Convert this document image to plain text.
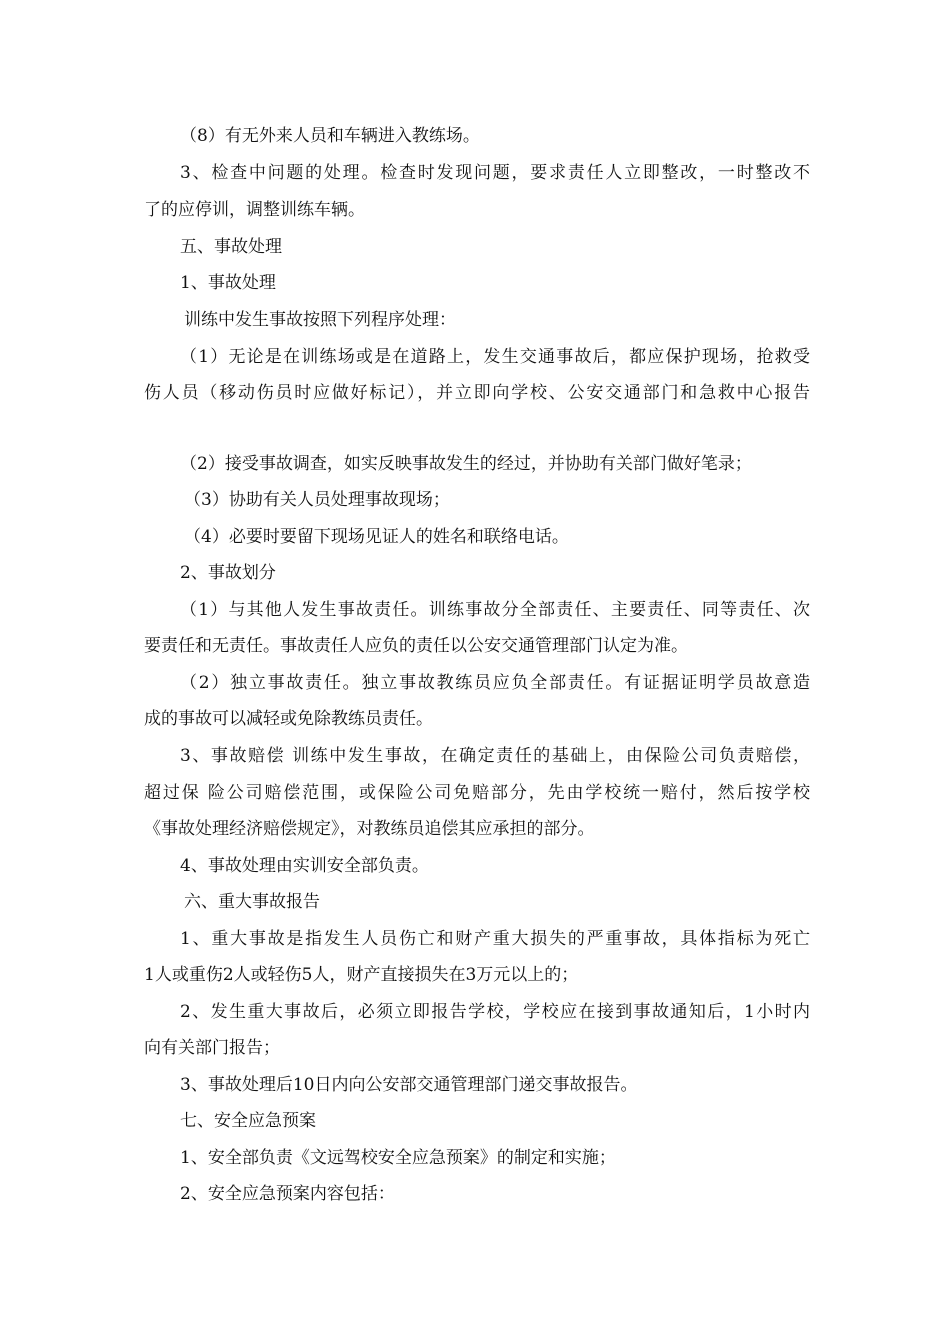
（8）有无外来人员和车辆进入教练场。
3、检查中问题的处理。检查时发现问题，要求责任人立即整改，一时整改不
了的应停训，调整训练车辆。
五、事故处理
1、事故处理
训练中发生事故按照下列程序处理：
（1）无论是在训练场或是在道路上，发生交通事故后，都应保护现场，抢救受
伤人员（移动伤员时应做好标记），并立即向学校、公安交通部门和急救中心报告
（2）接受事故调查，如实反映事故发生的经过，并协助有关部门做好笔录；
（3）协助有关人员处理事故现场；
（4）必要时要留下现场见证人的姓名和联络电话。
2、事故划分
（1）与其他人发生事故责任。训练事故分全部责任、主要责任、同等责任、次
要责任和无责任。事故责任人应负的责任以公安交通管理部门认定为准。
（2）独立事故责任。独立事故教练员应负全部责任。有证据证明学员故意造
成的事故可以减轻或免除教练员责任。
3、事故赔偿 训练中发生事故，在确定责任的基础上，由保险公司负责赔偿，
超过保 险公司赔偿范围，或保险公司免赔部分，先由学校统一赔付，然后按学校
《事故处理经济赔偿规定》，对教练员追偿其应承担的部分。
4、事故处理由实训安全部负责。
六、重大事故报告
1、重大事故是指发生人员伤亡和财产重大损失的严重事故，具体指标为死亡
1人或重伤2人或轻伤5人，财产直接损失在3万元以上的；
2、发生重大事故后，必须立即报告学校，学校应在接到事故通知后，1小时内
向有关部门报告；
3、事故处理后10日内向公安部交通管理部门递交事故报告。
七、安全应急预案
1、安全部负责《文远驾校安全应急预案》的制定和实施；
2、安全应急预案内容包括：
